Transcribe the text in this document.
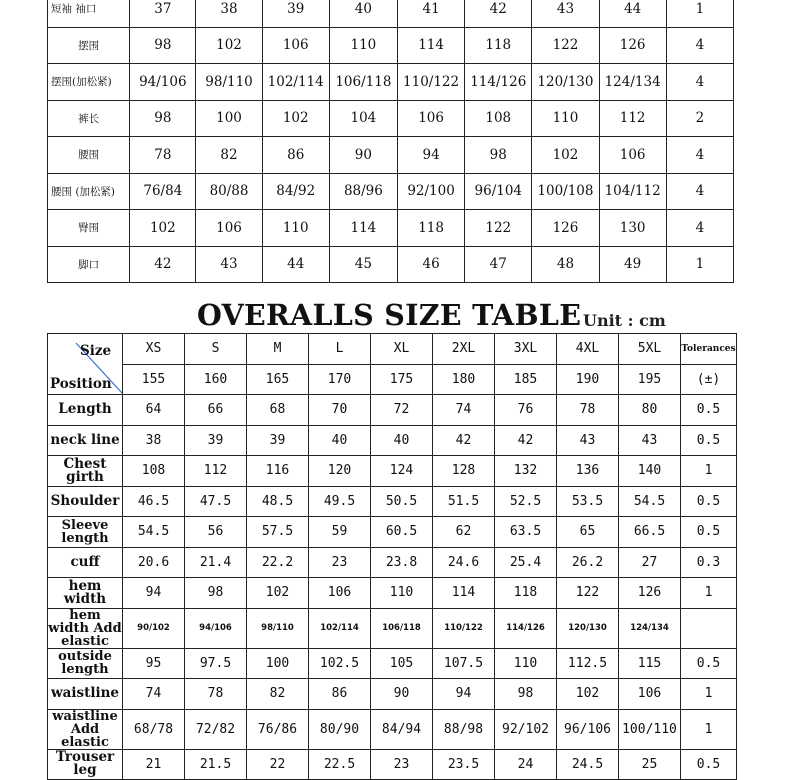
短袖 袖口	37	38	39	40	41	42	43	44	1
摆围	98	102	106	110	114	118	122	126	4
摆围(加松紧)	94/106	98/110	102/114	106/118	110/122	114/126	120/130	124/134	4
裤长	98	100	102	104	106	108	110	112	2
腰围	78	82	86	90	94	98	102	106	4
腰围 (加松紧)	76/84	80/88	84/92	88/96	92/100	96/104	100/108	104/112	4
臀围	102	106	110	114	118	122	126	130	4
脚口	42	43	44	45	46	47	48	49	1
OVERALLS SIZE TABLE Unit : cm
Size
Position	XS	S	M	L	XL	2XL	3XL	4XL	5XL	Tolerances
	155	160	165	170	175	180	185	190	195	(±)
Length	64	66	68	70	72	74	76	78	80	0.5
neck line	38	39	39	40	40	42	42	43	43	0.5
Chest girth	108	112	116	120	124	128	132	136	140	1
Shoulder	46.5	47.5	48.5	49.5	50.5	51.5	52.5	53.5	54.5	0.5
Sleeve length	54.5	56	57.5	59	60.5	62	63.5	65	66.5	0.5
cuff	20.6	21.4	22.2	23	23.8	24.6	25.4	26.2	27	0.3
hem width	94	98	102	106	110	114	118	122	126	1
hem width Add elastic	90/102	94/106	98/110	102/114	106/118	110/122	114/126	120/130	124/134	
outside length	95	97.5	100	102.5	105	107.5	110	112.5	115	0.5
waistline	74	78	82	86	90	94	98	102	106	1
waistline Add elastic	68/78	72/82	76/86	80/90	84/94	88/98	92/102	96/106	100/110	1
Trouser leg	21	21.5	22	22.5	23	23.5	24	24.5	25	0.5
